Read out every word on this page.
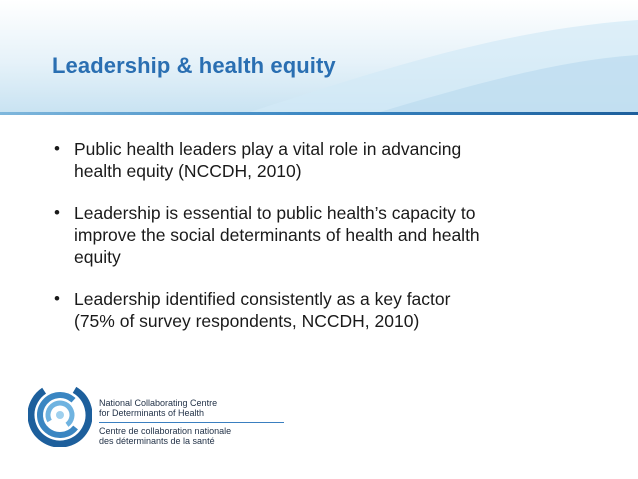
Leadership & health equity
• Public health leaders play a vital role in advancing
health equity (NCCDH, 2010)
• Leadership is essential to public health’s capacity to
improve the social determinants of health and health
equity
• Leadership identified consistently as a key factor
(75% of survey respondents, NCCDH, 2010)
National Collaborating Centre
for Determinants of Health
Centre de collaboration nationale
des déterminants de la santé
